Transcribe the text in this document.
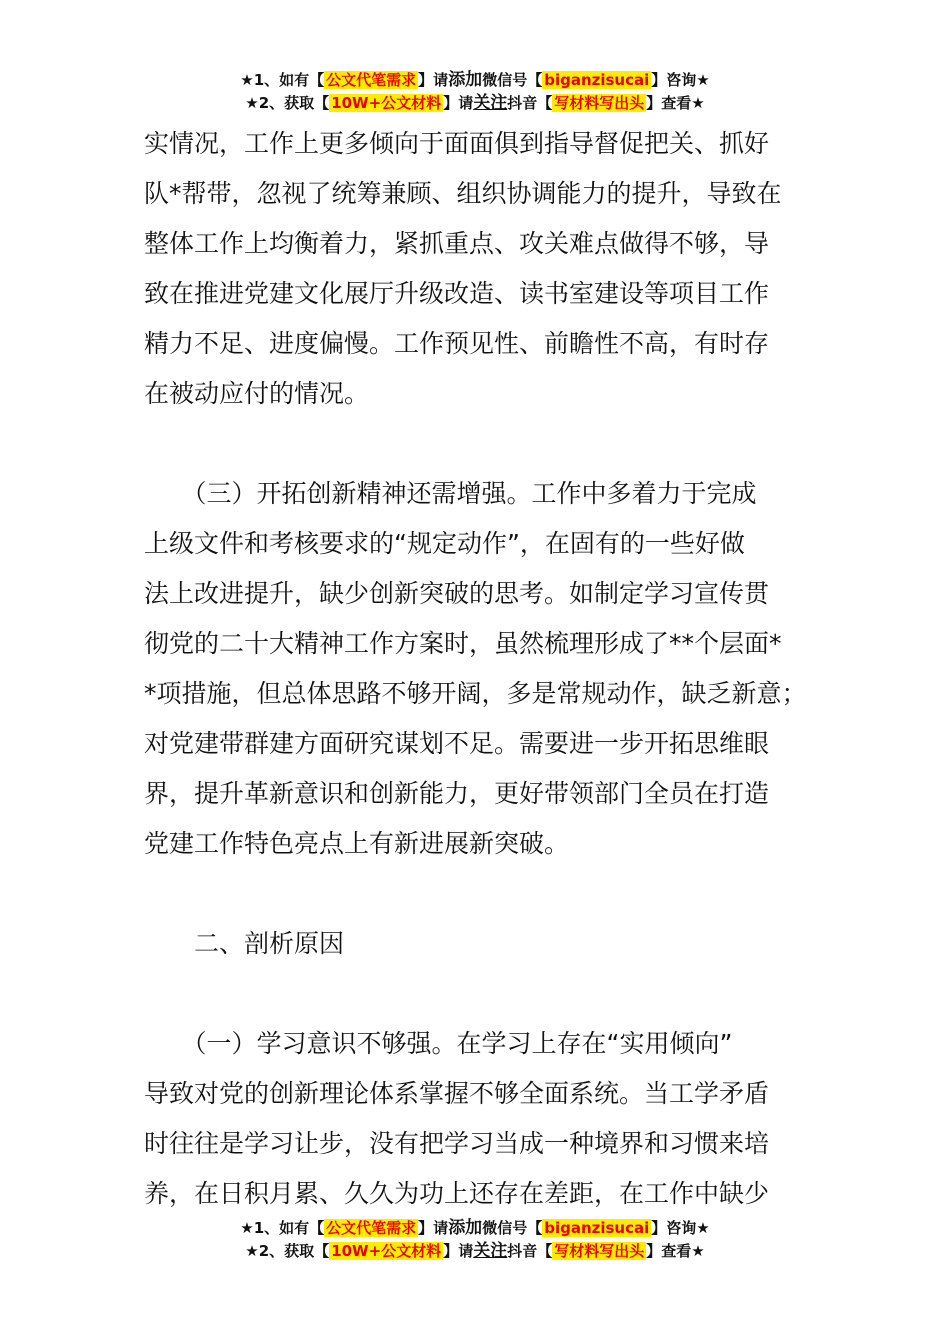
★1、如有【 公文代笔需求 】请添加微信号【 biganzisucai 】咨询★
★2、获取【 10W+公文材料 】请关注抖音【 写材料写出头 】查看★
实情况，工作上更多倾向于面面俱到指导督促把关、抓好
队*帮带，忽视了统筹兼顾、组织协调能力的提升，导致在
整体工作上均衡着力，紧抓重点、攻关难点做得不够，导
致在推进党建文化展厅升级改造、读书室建设等项目工作
精力不足、进度偏慢。工作预见性、前瞻性不高，有时存
在被动应付的情况。

　　（三）开拓创新精神还需增强。工作中多着力于完成
上级文件和考核要求的“规定动作”，在固有的一些好做
法上改进提升，缺少创新突破的思考。如制定学习宣传贯
彻党的二十大精神工作方案时，虽然梳理形成了**个层面*
*项措施，但总体思路不够开阔，多是常规动作，缺乏新意；
对党建带群建方面研究谋划不足。需要进一步开拓思维眼
界，提升革新意识和创新能力，更好带领部门全员在打造
党建工作特色亮点上有新进展新突破。

　　二、剖析原因

　　（一）学习意识不够强。在学习上存在“实用倾向”
导致对党的创新理论体系掌握不够全面系统。当工学矛盾
时往往是学习让步，没有把学习当成一种境界和习惯来培
养，在日积月累、久久为功上还存在差距，在工作中缺少
★1、如有【 公文代笔需求 】请添加微信号【 biganzisucai 】咨询★
★2、获取【 10W+公文材料 】请关注抖音【 写材料写出头 】查看★
